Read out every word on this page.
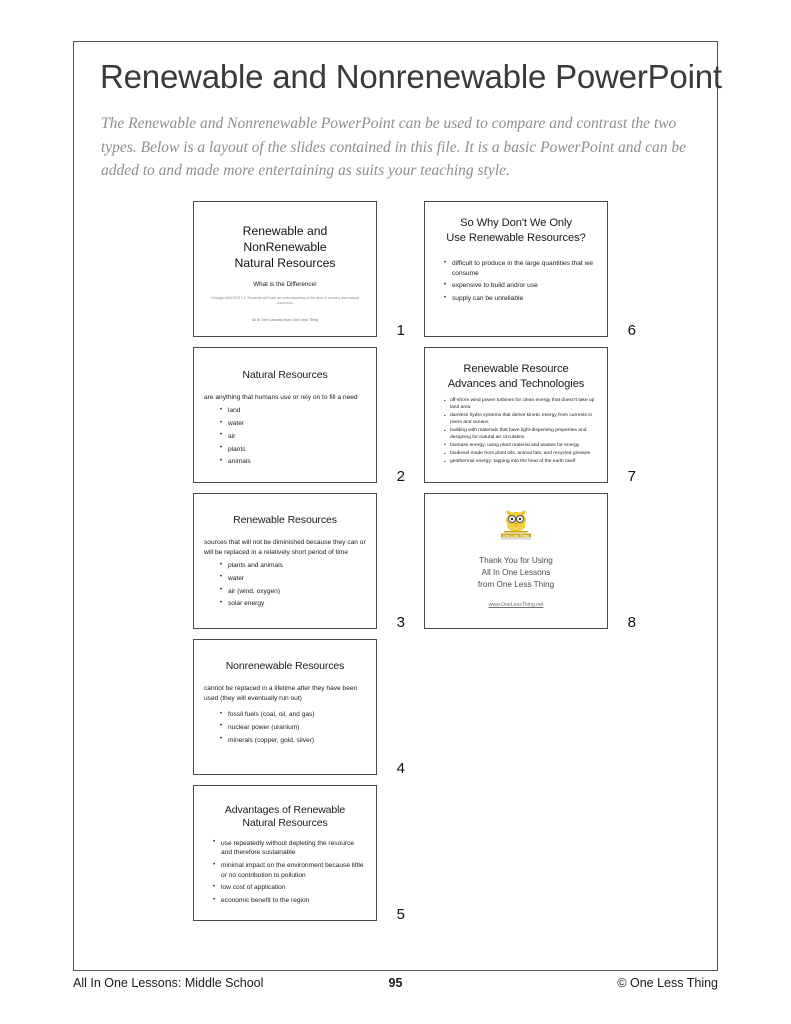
Renewable and Nonrenewable PowerPoint
The Renewable and Nonrenewable PowerPoint can be used to compare and contrast the two types. Below is a layout of the slides contained in this file. It is a basic PowerPoint and can be added to and made more entertaining as suits your teaching style.
Renewable and
NonRenewable
Natural Resources
What is the Difference!
Georgia MSAGED7-3: Students will build an understanding of the area of forestry and natural resources.
All In One Lessons from One Less Thing
1
Natural Resources
are anything that humans use or rely on to fill a need
• land
• water
• air
• plants
• animals
2
Renewable Resources
sources that will not be diminished because they can or will be replaced in a relatively short period of time
• plants and animals
• water
• air (wind, oxygen)
• solar energy
3
Nonrenewable Resources
cannot be replaced in a lifetime after they have been used (they will eventually run out)
• fossil fuels (coal, oil, and gas)
• nuclear power (uranium)
• minerals (copper, gold, silver)
4
Advantages of Renewable
Natural Resources
• use repeatedly without depleting the resource and therefore sustainable
• minimal impact on the environment because little or no contribution to pollution
• low cost of application
• economic benefit to the region
5
So Why Don't We Only
Use Renewable Resources?
• difficult to produce in the large quantities that we consume
• expensive to build and/or use
• supply can be unreliable
6
Renewable Resource
Advances and Technologies
• off-shore wind power turbines for clean energy that doesn't take up land area
• damless hydro systems that derive kinetic energy from currents in rivers and oceans
• building with materials that have light-dispersing properties and designing for natural air circulation
• biomass energy: using plant material and wastes for energy
• biodiesel made from plant oils, animal fats, and recycled greases
• geothermal energy: tapping into the heat of the earth itself
7
One Less Thing
Thank You for Using
All In One Lessons
from One Less Thing
www.OneLessThing.net
8
All In One Lessons: Middle School	95	© One Less Thing
